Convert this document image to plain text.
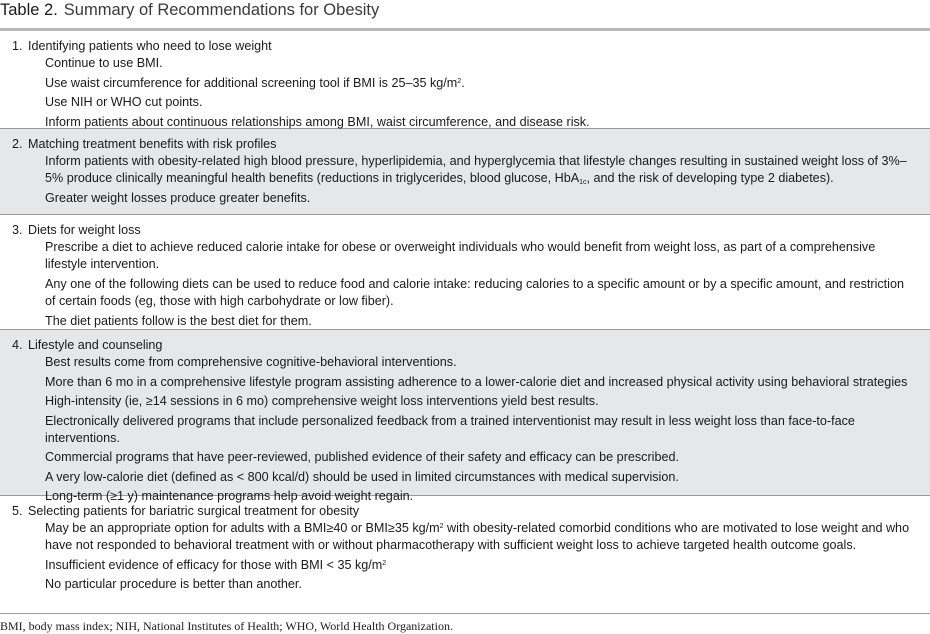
Table 2. Summary of Recommendations for Obesity
1. Identifying patients who need to lose weight
Continue to use BMI.
Use waist circumference for additional screening tool if BMI is 25–35 $kg/m^2$.
Use NIH or WHO cut points.
Inform patients about continuous relationships among BMI, waist circumference, and disease risk.
2. Matching treatment benefits with risk profiles
Inform patients with obesity-related high blood pressure, hyperlipidemia, and hyperglycemia that lifestyle changes resulting in sustained weight loss of 3%–5% produce clinically meaningful health benefits (reductions in triglycerides, blood glucose, HbA$_{1c}$, and the risk of developing type 2 diabetes).
Greater weight losses produce greater benefits.
3. Diets for weight loss
Prescribe a diet to achieve reduced calorie intake for obese or overweight individuals who would benefit from weight loss, as part of a comprehensive lifestyle intervention.
Any one of the following diets can be used to reduce food and calorie intake: reducing calories to a specific amount or by a specific amount, and restriction of certain foods (eg, those with high carbohydrate or low fiber).
The diet patients follow is the best diet for them.
4. Lifestyle and counseling
Best results come from comprehensive cognitive-behavioral interventions.
More than 6 mo in a comprehensive lifestyle program assisting adherence to a lower-calorie diet and increased physical activity using behavioral strategies
High-intensity (ie, ≥14 sessions in 6 mo) comprehensive weight loss interventions yield best results.
Electronically delivered programs that include personalized feedback from a trained interventionist may result in less weight loss than face-to-face interventions.
Commercial programs that have peer-reviewed, published evidence of their safety and efficacy can be prescribed.
A very low-calorie diet (defined as < 800 kcal/d) should be used in limited circumstances with medical supervision.
Long-term (≥1 y) maintenance programs help avoid weight regain.
5. Selecting patients for bariatric surgical treatment for obesity
May be an appropriate option for adults with a BMI≥40 or BMI≥35 $kg/m^2$ with obesity-related comorbid conditions who are motivated to lose weight and who have not responded to behavioral treatment with or without pharmacotherapy with sufficient weight loss to achieve targeted health outcome goals.
Insufficient evidence of efficacy for those with BMI < 35 $kg/m^2$
No particular procedure is better than another.
BMI, body mass index; NIH, National Institutes of Health; WHO, World Health Organization.
